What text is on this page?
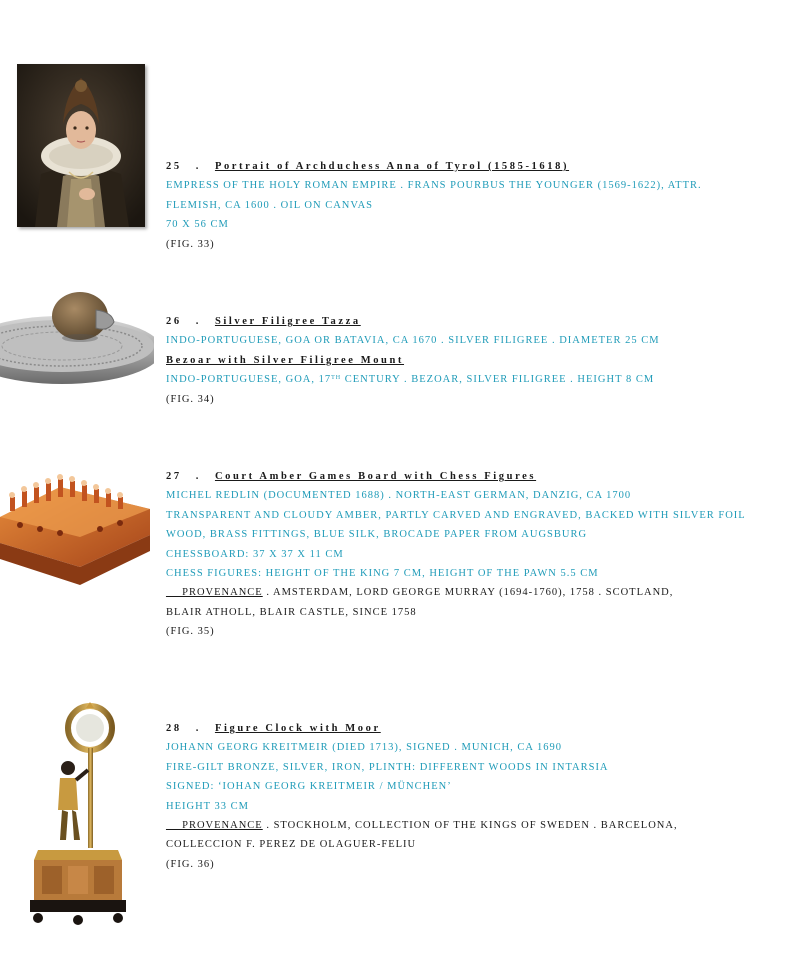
25 . Portrait of Archduchess Anna of Tyrol (1585-1618)
EMPRESS OF THE HOLY ROMAN EMPIRE . FRANS POURBUS THE YOUNGER (1569-1622), ATTR.
FLEMISH, CA 1600 . OIL ON CANVAS
70 X 56 CM
(FIG. 33)
26 . Silver Filigree Tazza
INDO-PORTUGUESE, GOA OR BATAVIA, CA 1670 . SILVER FILIGREE . DIAMETER 25 CM
Bezoar with Silver Filigree Mount
INDO-PORTUGUESE, GOA, 17TH CENTURY . BEZOAR, SILVER FILIGREE . HEIGHT 8 CM
(FIG. 34)
27 . Court Amber Games Board with Chess Figures
MICHEL REDLIN (DOCUMENTED 1688) . NORTH-EAST GERMAN, DANZIG, CA 1700
TRANSPARENT AND CLOUDY AMBER, PARTLY CARVED AND ENGRAVED, BACKED WITH SILVER FOIL
WOOD, BRASS FITTINGS, BLUE SILK, BROCADE PAPER FROM AUGSBURG
CHESSBOARD: 37 X 37 X 11 CM
CHESS FIGURES: HEIGHT OF THE KING 7 CM, HEIGHT OF THE PAWN 5.5 CM
__ PROVENANCE . AMSTERDAM, LORD GEORGE MURRAY (1694-1760), 1758 . SCOTLAND,
BLAIR ATHOLL, BLAIR CASTLE, SINCE 1758
(FIG. 35)
28 . Figure Clock with Moor
JOHANN GEORG KREITMEIR (DIED 1713), SIGNED . MUNICH, CA 1690
FIRE-GILT BRONZE, SILVER, IRON, PLINTH: DIFFERENT WOODS IN INTARSIA
SIGNED: ‘IOHAN GEORG KREITMEIR / MÜNCHEN’
HEIGHT 33 CM
__ PROVENANCE . STOCKHOLM, COLLECTION OF THE KINGS OF SWEDEN . BARCELONA,
COLLECCION F. PEREZ DE OLAGUER-FELIU
(FIG. 36)
